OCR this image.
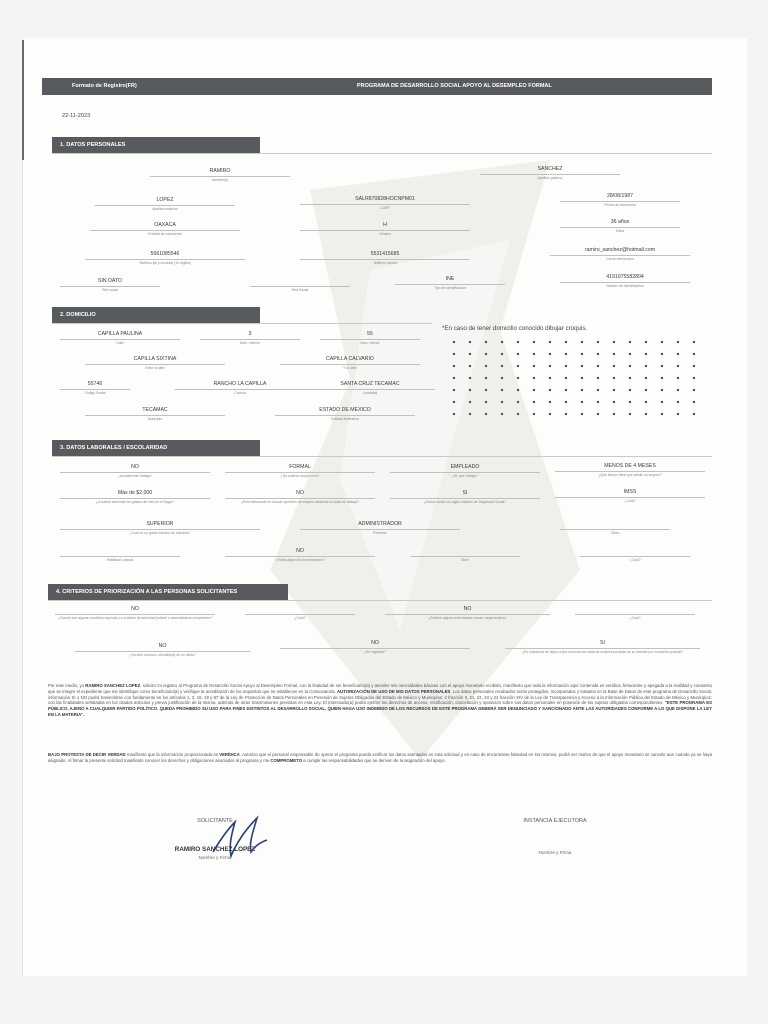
Formato de Registro(FR)	PROGRAMA DE DESARROLLO SOCIAL APOYO AL DESEMPLEO FORMAL
22-11-2023
1. DATOS PERSONALES
RAMIRO
Nombre(s)
SANCHEZ
Apellido paterno
LOPEZ
Apellido materno
SALR870828HOCNPM01
CURP
28/08/1987
Fecha de nacimiento
OAXACA
Entidad de nacimiento
H
Género
36 años
Edad
5561085546
Teléfono fijo (con lada) (10 dígitos)
5531415685
Teléfono celular
ramiro_sanchez@hotmail.com
Correo electrónico
SIN DATO
Red social
	Red Social
INE
Tipo de identificación
4191075582804
Número de identificación
2. DOMICILIO
CAPILLA PAULINA
Calle
3
Núm. exterior
55
Núm. interior
*En caso de tener domicilio conocido dibujar croquis.
CAPILLA SIXTINA
Entre la calle
CAPILLA CALVARIO
Y la calle
55746
Código Postal
RANCHO LA CAPILLA
Colonia
SANTA CRUZ TECAMAC
Localidad
TECAMAC
Municipio
ESTADO DE MEXICO
Entidad federativa
3. DATOS LABORALES / ESCOLARIDAD
NO
¿Actualmente trabaja?
FORMAL
¿Su anterior empleo era?
EMPLEADO
¿En qué trabajó?
MENOS DE 4 MESES
¿Qué tiempo tiene que perdió su empleo?
Más de $2,000
¿A cuánto asciende los gastos del mes en el hogar?
NO
¿Está interesado en buscar opciones de empleo mediante la bolsa de trabajo?
SI
¿Estuvo activo en algún instituto de Seguridad Social?
IMSS
¿Cuál?
SUPERIOR
¿Cuál es su grado máximo de estudios?
ADMINISTRADOR
Profesión
	Oficio

Habilidad Laboral
NO
¿Habla algún idioma extranjero?
	Nivel
	¿Cuál?
4. CRITERIOS DE PRIORIZACIÓN A LAS PERSONAS SOLICITANTES
NO
¿Cuenta con alguna condición especial y a solicitud de autoridad judicial o administrativa competente?
	¿Cuál?
NO
¿Padece alguna enfermedad crónico degenerativa?
	¿Cuál?
NO
¿Ha sido víctima u ofendido(a) de un delito?
NO
¿Es migrante?
SI
¿Es cuidadora de hijas o hijos menores de edad de mujeres privadas de su libertad por resolución judicial?
Por este medio, yo RAMIRO SANCHEZ LOPEZ, solicito mi registro al Programa de Desarrollo Social Apoyo al Desempleo Formal, con la finalidad de ser beneficiario(a) y atender mis necesidades básicas con el apoyo monetario recibido; manifiesto que toda la información aquí contenida es verídica, fehaciente y apegada a la realidad y consiento que se integre el expediente que me identifique como beneficiario(a) y verifique la acreditación de los requisitos que se establecen en la Convocatoria. AUTORIZACIÓN DE USO DE MIS DATOS PERSONALES. Los datos personales recabados serán protegidos, incorporados y tratados en la Base de Datos de este programa de Desarrollo Social, información SI o NO podrá transmitirse con fundamento en los artículos 1, 2, 16, 19 y 97 de la Ley de Protección de Datos Personales en Posesión de Sujetos Obligados del Estado de México y Municipios; 2 fracción II, 21, 22, 23 y 24 fracción XIV de la Ley de Transparencia y Acceso a la Información Pública del Estado de México y Municipios; con las finalidades señaladas en los citados artículos y previa justificación de la misma, además de otras transmisiones previstas en esta Ley. El interesado(a) podrá ejercer los derechos de acceso, rectificación, cancelación y oposición sobre sus datos personales en posesión de los sujetos obligados correspondientes. "ESTE PROGRAMA ES PÚBLICO, AJENO A CUALQUIER PARTIDO POLÍTICO. QUEDA PROHIBIDO SU USO PARA FINES DISTINTOS AL DESARROLLO SOCIAL, QUIEN HAGA USO INDEBIDO DE LOS RECURSOS DE ESTE PROGRAMA DEBERÁ SER DENUNCIADO Y SANCIONADO ANTE LAS AUTORIDADES CONFORME A LO QUE DISPONE LA LEY EN LA MATERIA".
BAJO PROTESTA DE DECIR VERDAD manifiesto que la información proporcionada es VERÍDICA. Autorizo que el personal responsable de operar el programa pueda verificar los datos asentados en esta solicitud y en caso de encontrarse falsedad en los mismos, podrá ser motivo de que el apoyo monetario se cancele aun cuando ya se haya asignado. Al firmar la presente solicitud manifiesto conocer los derechos y obligaciones asociados al programa y me COMPROMETO a cumplir las responsabilidades que se deriven de la asignación del apoyo.
SOLICITANTE
RAMIRO SANCHEZ LOPEZ
Nombre y Firma
INSTANCIA EJECUTORA
Nombre y Firma
